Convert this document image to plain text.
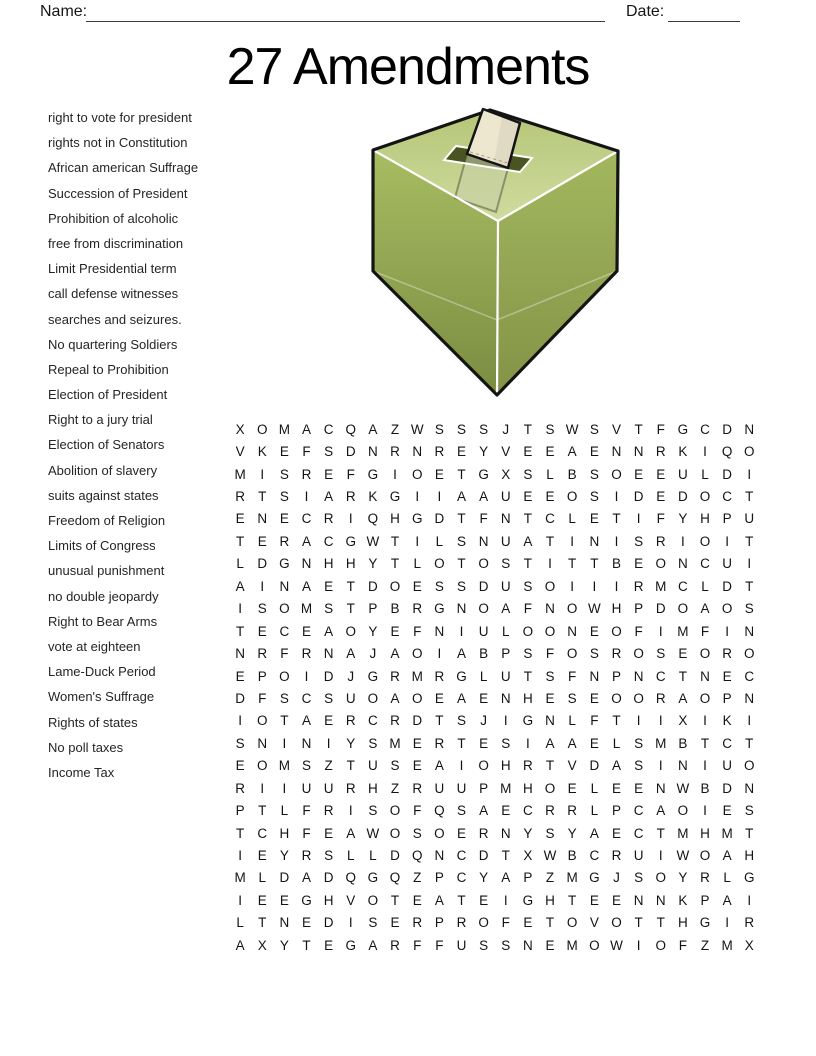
Name:	Date:
27 Amendments
right to vote for president
rights not in Constitution
African american Suffrage
Succession of President
Prohibition of alcoholic
free from discrimination
Limit Presidential term
call defense witnesses
searches and seizures.
No quartering Soldiers
Repeal to Prohibition
Election of President
Right to a jury trial
Election of Senators
Abolition of slavery
suits against states
Freedom of Religion
Limits of Congress
unusual punishment
no double jeopardy
Right to Bear Arms
vote at eighteen
Lame-Duck Period
Women's Suffrage
Rights of states
No poll taxes
Income Tax
X O M A C Q A	Z W S S S	J	T	S W S V	T	F G C D N
V K E	F	S D N R N R E Y V E E A E N N R K	I	Q O
M	I	S R E	F G	I	O E	T G X S	L	B S O E E U	L	D	I
R T	S	I	A R K G	I	I	A A U E E O S	I	D E D O C T
E N E C R	I	Q H G D T	F N T C	L	E	T	I	F	Y H P U
T	E R A C G W T	I	L	S N U A	T	I	N	I	S R	I	O	I	T
L	D G N H H Y	T	L O T O S	T	I	T	T	B E O N C U	I
A	I	N A E	T D O E S S D U S O	I	I	I	R M C	L	D T
I	S O M S	T	P B R G N O A	F N O W H P D O A O S
T	E C E A O Y E	F N	I	U	L O O N E O F	I	M F	I	N
N R F R N A	J	A O	I	A B P S	F O S R O S E O R O
E P O	I	D	J	G R M R G L	U T	S	F N P N C T N E C
D F	S C S U O A O E A E N H E S E O O R A O P N
I	O T	A E R C R D T	S	J	I	G N	L	F	T	I	I	X	I	K	I
S N	I	N	I	Y S M E R T	E S	I	A A E	L	S M B	T C T
E O M S	Z	T U S E A	I	O H R T	V D A S	I	N	I	U O
R	I	I	U U R H Z R U U P M H O E	L	E E N W B D N
P	T	L	F R	I	S O F Q S A E C R R	L	P C A O	I	E S
T C H F	E A W O S O E R N Y S Y A E C T M H M T
I	E Y R S	L	L	D Q N C D T	X W B C R U	I	W O A H
M L	D A D Q G Q Z	P C Y A P	Z M G	J	S O Y R	L G
I	E E G H V O T	E A	T	E	I	G H T	E E N N K P A	I
L	T N E D	I	S E R P R O F	E	T O V O T	T H G	I	R
A X Y	T	E G A R F	F U S S N E M O W	I	O F	Z M X
